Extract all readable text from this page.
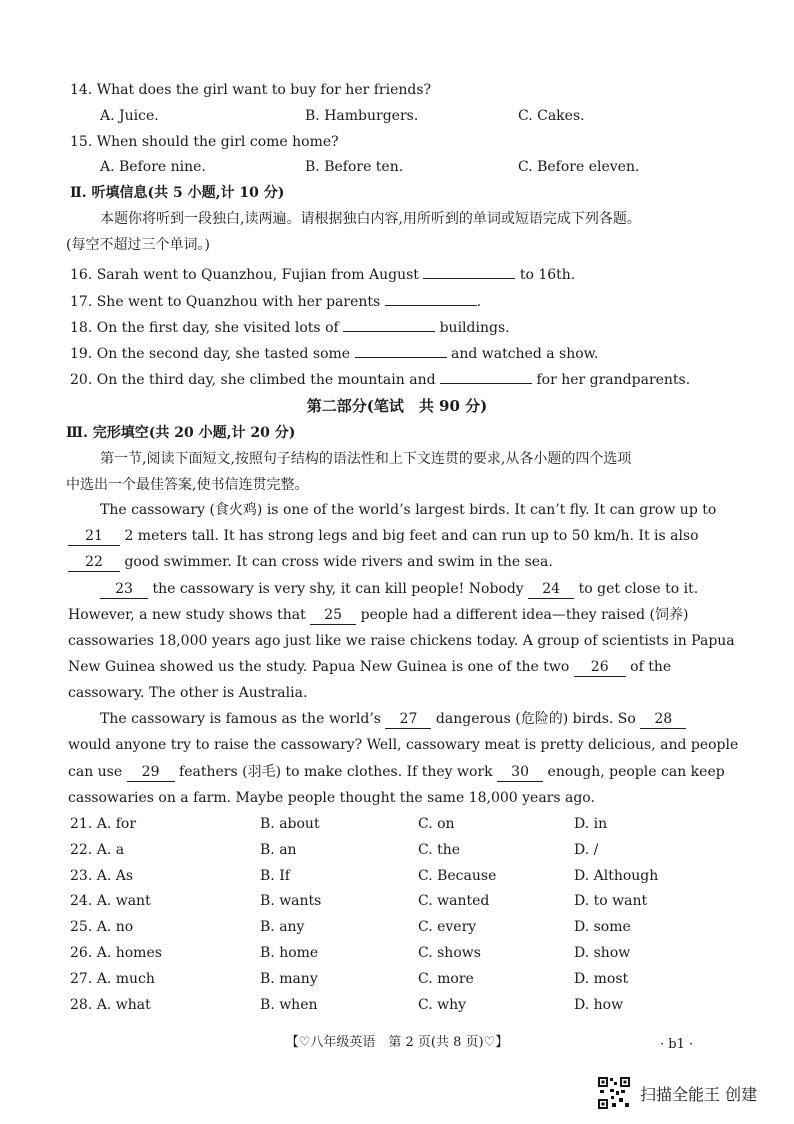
14. What does the girl want to buy for her friends?
A. Juice.	B. Hamburgers.	C. Cakes.
15. When should the girl come home?
A. Before nine.	B. Before ten.	C. Before eleven.
Ⅱ. 听填信息(共 5 小题,计 10 分)
本题你将听到一段独白,读两遍。请根据独白内容,用所听到的单词或短语完成下列各题。
(每空不超过三个单词。)
16. Sarah went to Quanzhou, Fujian from August	to 16th.
17. She went to Quanzhou with her parents	.
18. On the first day, she visited lots of	buildings.
19. On the second day, she tasted some	and watched a show.
20. On the third day, she climbed the mountain and	for her grandparents.
第二部分(笔试　共 90 分)
Ⅲ. 完形填空(共 20 小题,计 20 分)
第一节,阅读下面短文,按照句子结构的语法性和上下文连贯的要求,从各小题的四个选项
中选出一个最佳答案,使书信连贯完整。
The cassowary (食火鸡) is one of the world’s largest birds. It can’t fly. It can grow up to
21 2 meters tall. It has strong legs and big feet and can run up to 50 km/h. It is also
22 good swimmer. It can cross wide rivers and swim in the sea.
23 the cassowary is very shy, it can kill people! Nobody 24 to get close to it.
However, a new study shows that 25 people had a different idea—they raised (饲养)
cassowaries 18,000 years ago just like we raise chickens today. A group of scientists in Papua
New Guinea showed us the study. Papua New Guinea is one of the two 26 of the
cassowary. The other is Australia.
The cassowary is famous as the world’s 27 dangerous (危险的) birds. So 28
would anyone try to raise the cassowary? Well, cassowary meat is pretty delicious, and people
can use 29 feathers (羽毛) to make clothes. If they work 30 enough, people can keep
cassowaries on a farm. Maybe people thought the same 18,000 years ago.
21. A. for	B. about	C. on	D. in
22. A. a	B. an	C. the	D. /
23. A. As	B. If	C. Because	D. Although
24. A. want	B. wants	C. wanted	D. to want
25. A. no	B. any	C. every	D. some
26. A. homes	B. home	C. shows	D. show
27. A. much	B. many	C. more	D. most
28. A. what	B. when	C. why	D. how
【♡八年级英语　第 2 页(共 8 页)♡】	· b1 ·
扫描全能王 创建
